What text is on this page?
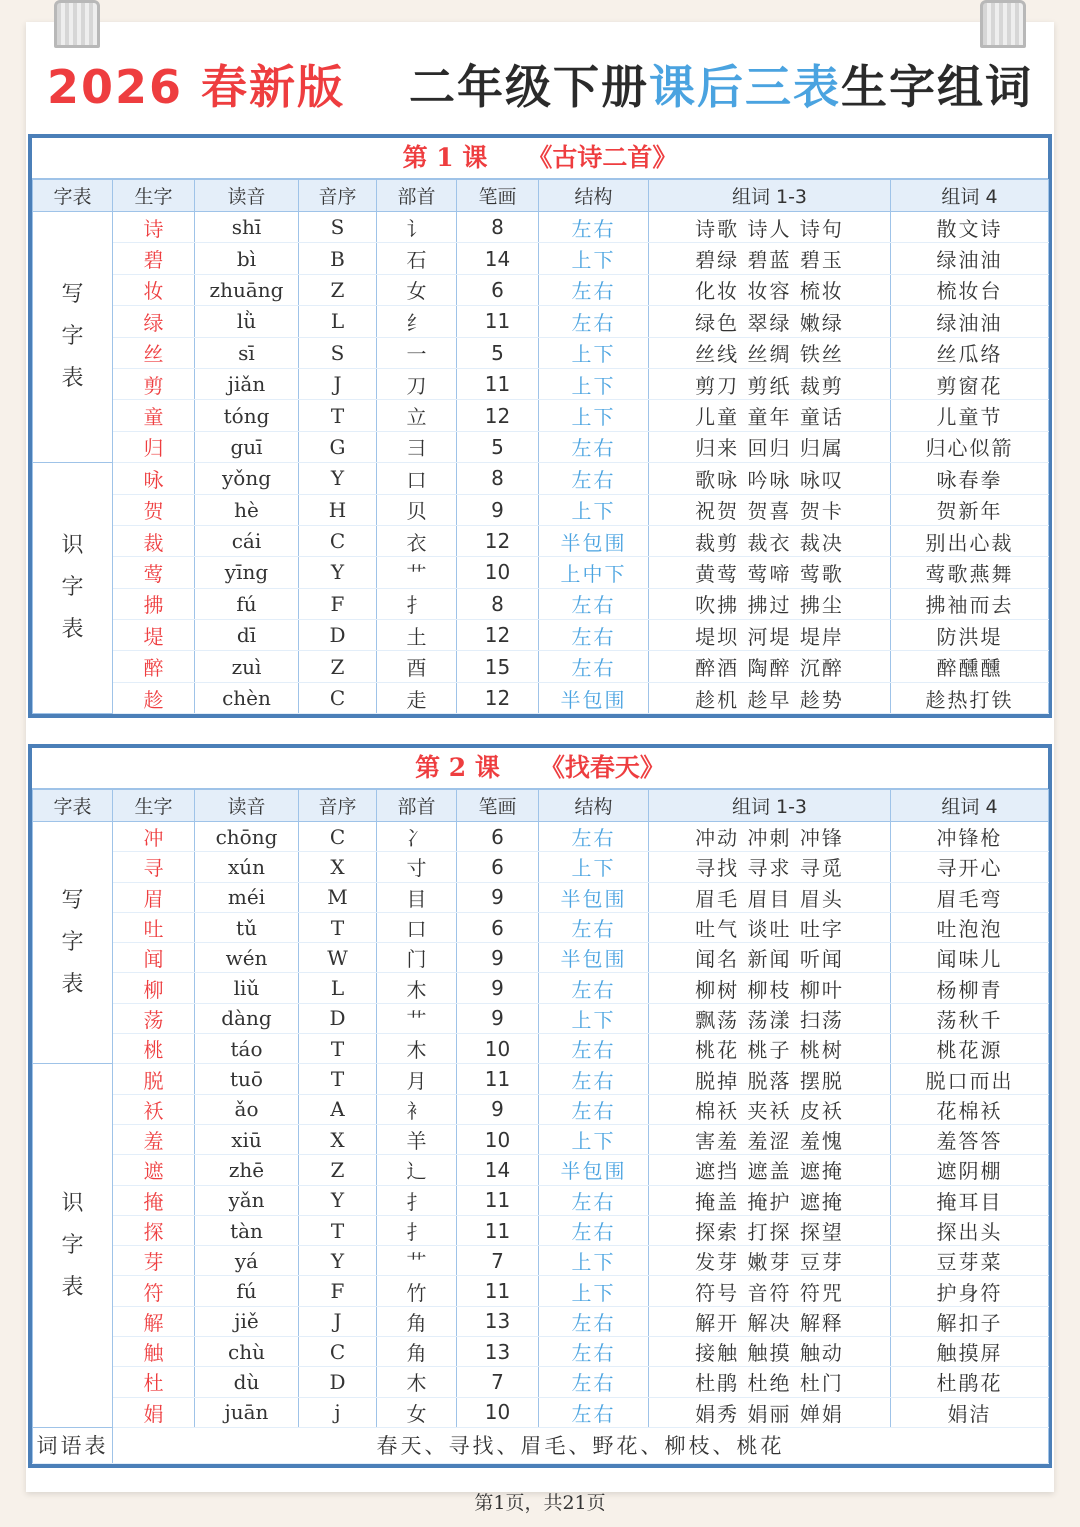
2026 春新版 二年级下册课后三表生字组词
第 1 课 《古诗二首》
字表	生字	读音	音序	部首	笔画	结构	组词 1-3	组词 4

写
字
表	诗	shī	S	讠	8	左右	诗歌 诗人 诗句	散文诗
	碧	bì	B	石	14	上下	碧绿 碧蓝 碧玉	绿油油
	妆	zhuāng	Z	女	6	左右	化妆 妆容 梳妆	梳妆台
	绿	lǜ	L	纟	11	左右	绿色 翠绿 嫩绿	绿油油
	丝	sī	S	一	5	上下	丝线 丝绸 铁丝	丝瓜络
	剪	jiǎn	J	刀	11	上下	剪刀 剪纸 裁剪	剪窗花
	童	tóng	T	立	12	上下	儿童 童年 童话	儿童节
	归	guī	G	彐	5	左右	归来 回归 归属	归心似箭

识
字
表	咏	yǒng	Y	口	8	左右	歌咏 吟咏 咏叹	咏春拳
	贺	hè	H	贝	9	上下	祝贺 贺喜 贺卡	贺新年
	裁	cái	C	衣	12	半包围	裁剪 裁衣 裁决	别出心裁
	莺	yīng	Y	艹	10	上中下	黄莺 莺啼 莺歌	莺歌燕舞
	拂	fú	F	扌	8	左右	吹拂 拂过 拂尘	拂袖而去
	堤	dī	D	土	12	左右	堤坝 河堤 堤岸	防洪堤
	醉	zuì	Z	酉	15	左右	醉酒 陶醉 沉醉	醉醺醺
	趁	chèn	C	走	12	半包围	趁机 趁早 趁势	趁热打铁
第 2 课 《找春天》
字表	生字	读音	音序	部首	笔画	结构	组词 1-3	组词 4

写
字
表	冲	chōng	C	冫	6	左右	冲动 冲刺 冲锋	冲锋枪
	寻	xún	X	寸	6	上下	寻找 寻求 寻觅	寻开心
	眉	méi	M	目	9	半包围	眉毛 眉目 眉头	眉毛弯
	吐	tǔ	T	口	6	左右	吐气 谈吐 吐字	吐泡泡
	闻	wén	W	门	9	半包围	闻名 新闻 听闻	闻味儿
	柳	liǔ	L	木	9	左右	柳树 柳枝 柳叶	杨柳青
	荡	dàng	D	艹	9	上下	飘荡 荡漾 扫荡	荡秋千
	桃	táo	T	木	10	左右	桃花 桃子 桃树	桃花源

识
字
表	脱	tuō	T	月	11	左右	脱掉 脱落 摆脱	脱口而出
	袄	ǎo	A	衤	9	左右	棉袄 夹袄 皮袄	花棉袄
	羞	xiū	X	羊	10	上下	害羞 羞涩 羞愧	羞答答
	遮	zhē	Z	辶	14	半包围	遮挡 遮盖 遮掩	遮阴棚
	掩	yǎn	Y	扌	11	左右	掩盖 掩护 遮掩	掩耳目
	探	tàn	T	扌	11	左右	探索 打探 探望	探出头
	芽	yá	Y	艹	7	上下	发芽 嫩芽 豆芽	豆芽菜
	符	fú	F	竹	11	上下	符号 音符 符咒	护身符
	解	jiě	J	角	13	左右	解开 解决 解释	解扣子
	触	chù	C	角	13	左右	接触 触摸 触动	触摸屏
	杜	dù	D	木	7	左右	杜鹃 杜绝 杜门	杜鹃花
	娟	juān	j	女	10	左右	娟秀 娟丽 婵娟	娟洁
词语表	春天、寻找、眉毛、野花、柳枝、桃花							
第1页，共21页
